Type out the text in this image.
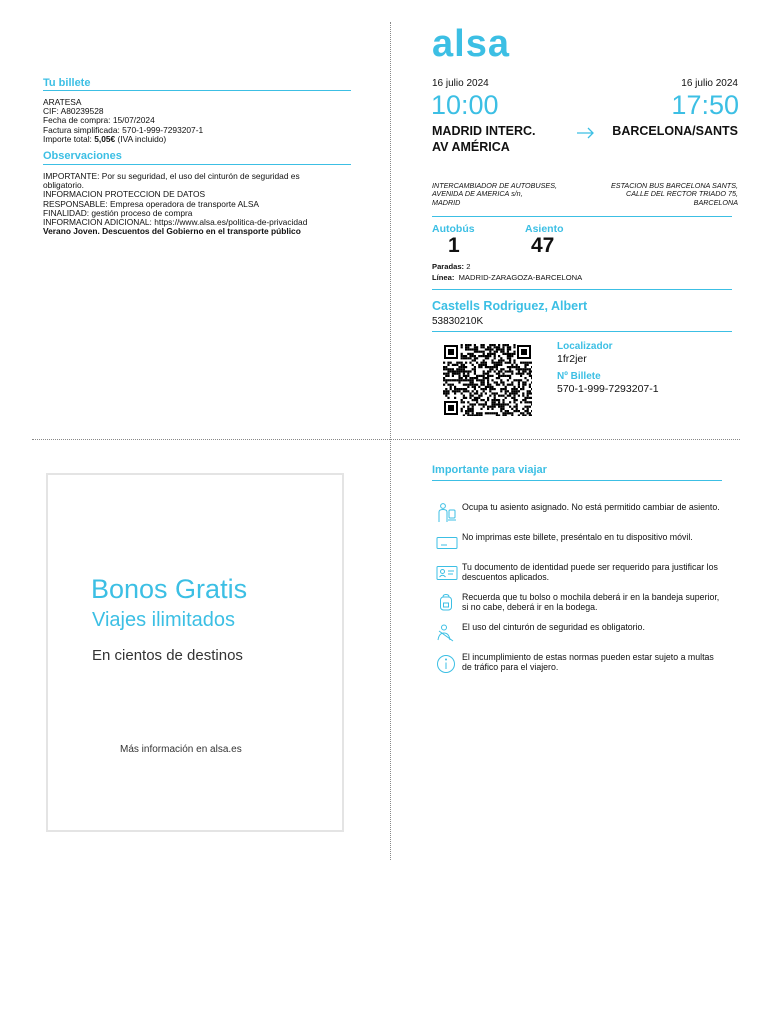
Tu billete
ARATESA
CIF: A80239528
Fecha de compra: 15/07/2024
Factura simplificada: 570-1-999-7293207-1
Importe total: 5,05€ (IVA incluido)
Observaciones
IMPORTANTE: Por su seguridad, el uso del cinturón de seguridad es
obligatorio.
INFORMACION PROTECCION DE DATOS
RESPONSABLE: Empresa operadora de transporte ALSA
FINALIDAD: gestión proceso de compra
INFORMACION ADICIONAL: https://www.alsa.es/politica-de-privacidad
Verano Joven. Descuentos del Gobierno en el transporte público
alsa
16 julio 2024	16 julio 2024
10:00	17:50
MADRID INTERC.
AV AMÉRICA
BARCELONA/SANTS
INTERCAMBIADOR DE AUTOBUSES,
AVENIDA DE AMERICA s/n,
MADRID
ESTACION BUS BARCELONA SANTS,
CALLE DEL RECTOR TRIADO 75,
BARCELONA
Autobús
1
Asiento
47
Paradas: 2
Línea: MADRID-ZARAGOZA-BARCELONA
Castells Rodriguez, Albert
53830210K
Localizador
1fr2jer
Nº Billete
570-1-999-7293207-1
Bonos Gratis
Viajes ilimitados
En cientos de destinos
Más información en alsa.es
Importante para viajar
Ocupa tu asiento asignado. No está permitido cambiar de asiento.
No imprimas este billete, preséntalo en tu dispositivo móvil.
Tu documento de identidad puede ser requerido para justificar los descuentos aplicados.
Recuerda que tu bolso o mochila deberá ir en la bandeja superior, si no cabe, deberá ir en la bodega.
El uso del cinturón de seguridad es obligatorio.
El incumplimiento de estas normas pueden estar sujeto a multas de tráfico para el viajero.
